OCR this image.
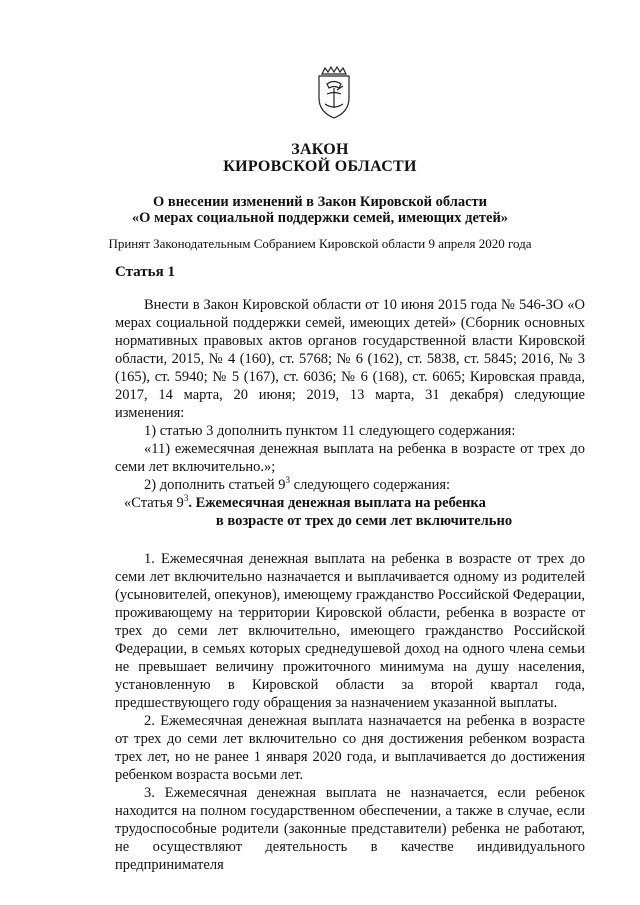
ЗАКОН
КИРОВСКОЙ ОБЛАСТИ
О внесении изменений в Закон Кировской области
«О мерах социальной поддержки семей, имеющих детей»
Принят Законодательным Собранием Кировской области 9 апреля 2020 года
Статья 1

Внести в Закон Кировской области от 10 июня 2015 года № 546-ЗО «О мерах социальной поддержки семей, имеющих детей» (Сборник основных нормативных правовых актов органов государственной власти Кировской области, 2015, № 4 (160), ст. 5768; № 6 (162), ст. 5838, ст. 5845; 2016, № 3 (165), ст. 5940; № 5 (167), ст. 6036; № 6 (168), ст. 6065; Кировская правда, 2017, 14 марта, 20 июня; 2019, 13 марта, 31 декабря) следующие изменения:

1) статью 3 дополнить пунктом 11 следующего содержания:

«11) ежемесячная денежная выплата на ребенка в возрасте от трех до семи лет включительно.»;

2) дополнить статьей $9^3$ следующего содержания:

«Статья $9^3$. Ежемесячная денежная выплата на ребенка
в возрасте от трех до семи лет включительно

1. Ежемесячная денежная выплата на ребенка в возрасте от трех до семи лет включительно назначается и выплачивается одному из родителей (усыновителей, опекунов), имеющему гражданство Российской Федерации, проживающему на территории Кировской области, ребенка в возрасте от трех до семи лет включительно, имеющего гражданство Российской Федерации, в семьях которых среднедушевой доход на одного члена семьи не превышает величину прожиточного минимума на душу населения, установленную в Кировской области за второй квартал года, предшествующего году обращения за назначением указанной выплаты.

2. Ежемесячная денежная выплата назначается на ребенка в возрасте от трех до семи лет включительно со дня достижения ребенком возраста трех лет, но не ранее 1 января 2020 года, и выплачивается до достижения ребенком возраста восьми лет.

3. Ежемесячная денежная выплата не назначается, если ребенок находится на полном государственном обеспечении, а также в случае, если трудоспособные родители (законные представители) ребенка не работают, не осуществляют деятельность в качестве индивидуального предпринимателя
